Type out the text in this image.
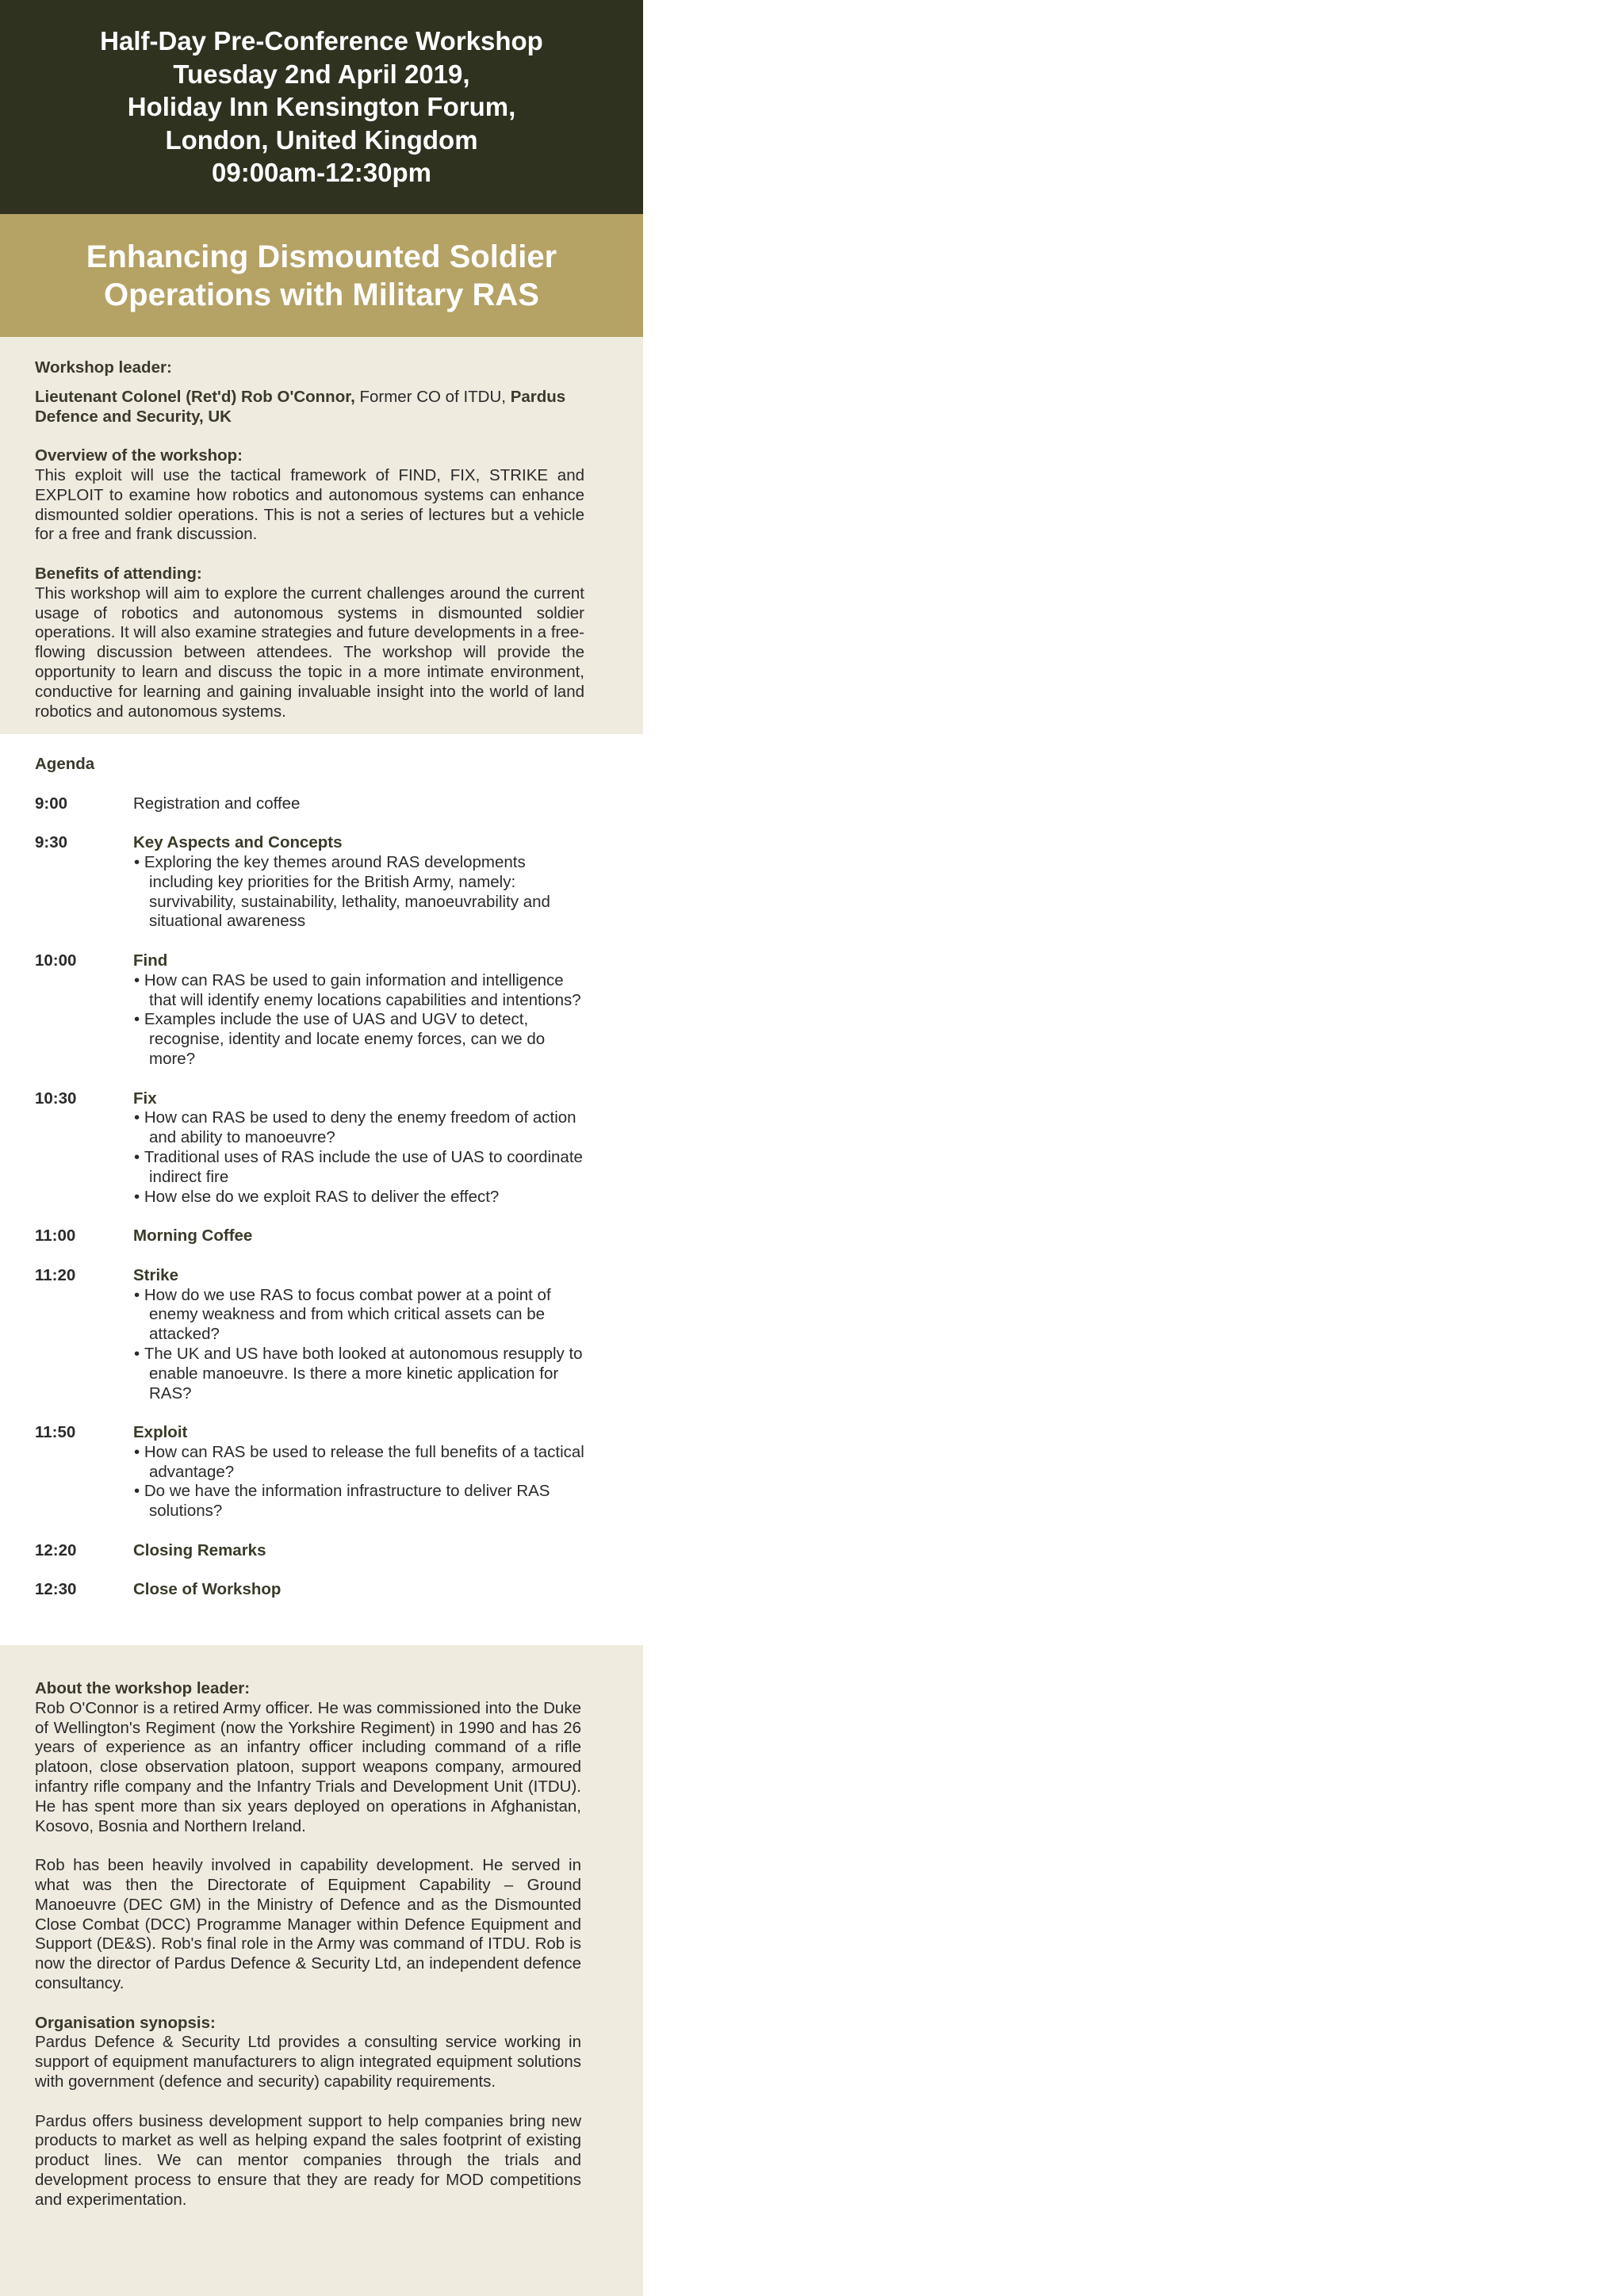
Half-Day Pre-Conference Workshop
Tuesday 2nd April 2019,
Holiday Inn Kensington Forum,
London, United Kingdom
09:00am-12:30pm
Enhancing Dismounted Soldier
Operations with Military RAS

Workshop leader:

Lieutenant Colonel (Ret'd) Rob O'Connor, Former CO of ITDU, Pardus Defence and Security, UK

Overview of the workshop:

This exploit will use the tactical framework of FIND, FIX, STRIKE and EXPLOIT to examine how robotics and autonomous systems can enhance dismounted soldier operations. This is not a series of lectures but a vehicle for a free and frank discussion.

Benefits of attending:

This workshop will aim to explore the current challenges around the current usage of robotics and autonomous systems in dismounted soldier operations. It will also examine strategies and future developments in a free-flowing discussion between attendees. The workshop will provide the opportunity to learn and discuss the topic in a more intimate environment, conductive for learning and gaining invaluable insight into the world of land robotics and autonomous systems.

Agenda

9:00	Registration and coffee

9:30	Key Aspects and Concepts

• Exploring the key themes around RAS developments including key priorities for the British Army, namely: survivability, sustainability, lethality, manoeuvrability and situational awareness
10:00	Find

• How can RAS be used to gain information and intelligence that will identify enemy locations capabilities and intentions?
• Examples include the use of UAS and UGV to detect, recognise, identity and locate enemy forces, can we do more?
10:30	Fix

• How can RAS be used to deny the enemy freedom of action and ability to manoeuvre?
• Traditional uses of RAS include the use of UAS to coordinate indirect fire
• How else do we exploit RAS to deliver the effect?
11:00	Morning Coffee

11:20	Strike

• How do we use RAS to focus combat power at a point of enemy weakness and from which critical assets can be attacked?
• The UK and US have both looked at autonomous resupply to enable manoeuvre. Is there a more kinetic application for RAS?
11:50	Exploit

• How can RAS be used to release the full benefits of a tactical advantage?
• Do we have the information infrastructure to deliver RAS solutions?
12:20	Closing Remarks

12:30	Close of Workshop

About the workshop leader:

Rob O'Connor is a retired Army officer. He was commissioned into the Duke of Wellington's Regiment (now the Yorkshire Regiment) in 1990 and has 26 years of experience as an infantry officer including command of a rifle platoon, close observation platoon, support weapons company, armoured infantry rifle company and the Infantry Trials and Development Unit (ITDU). He has spent more than six years deployed on operations in Afghanistan, Kosovo, Bosnia and Northern Ireland.

Rob has been heavily involved in capability development. He served in what was then the Directorate of Equipment Capability – Ground Manoeuvre (DEC GM) in the Ministry of Defence and as the Dismounted Close Combat (DCC) Programme Manager within Defence Equipment and Support (DE&S). Rob's final role in the Army was command of ITDU. Rob is now the director of Pardus Defence & Security Ltd, an independent defence consultancy.

Organisation synopsis:

Pardus Defence & Security Ltd provides a consulting service working in support of equipment manufacturers to align integrated equipment solutions with government (defence and security) capability requirements.

Pardus offers business development support to help companies bring new products to market as well as helping expand the sales footprint of existing product lines. We can mentor companies through the trials and development process to ensure that they are ready for MOD competitions and experimentation.
